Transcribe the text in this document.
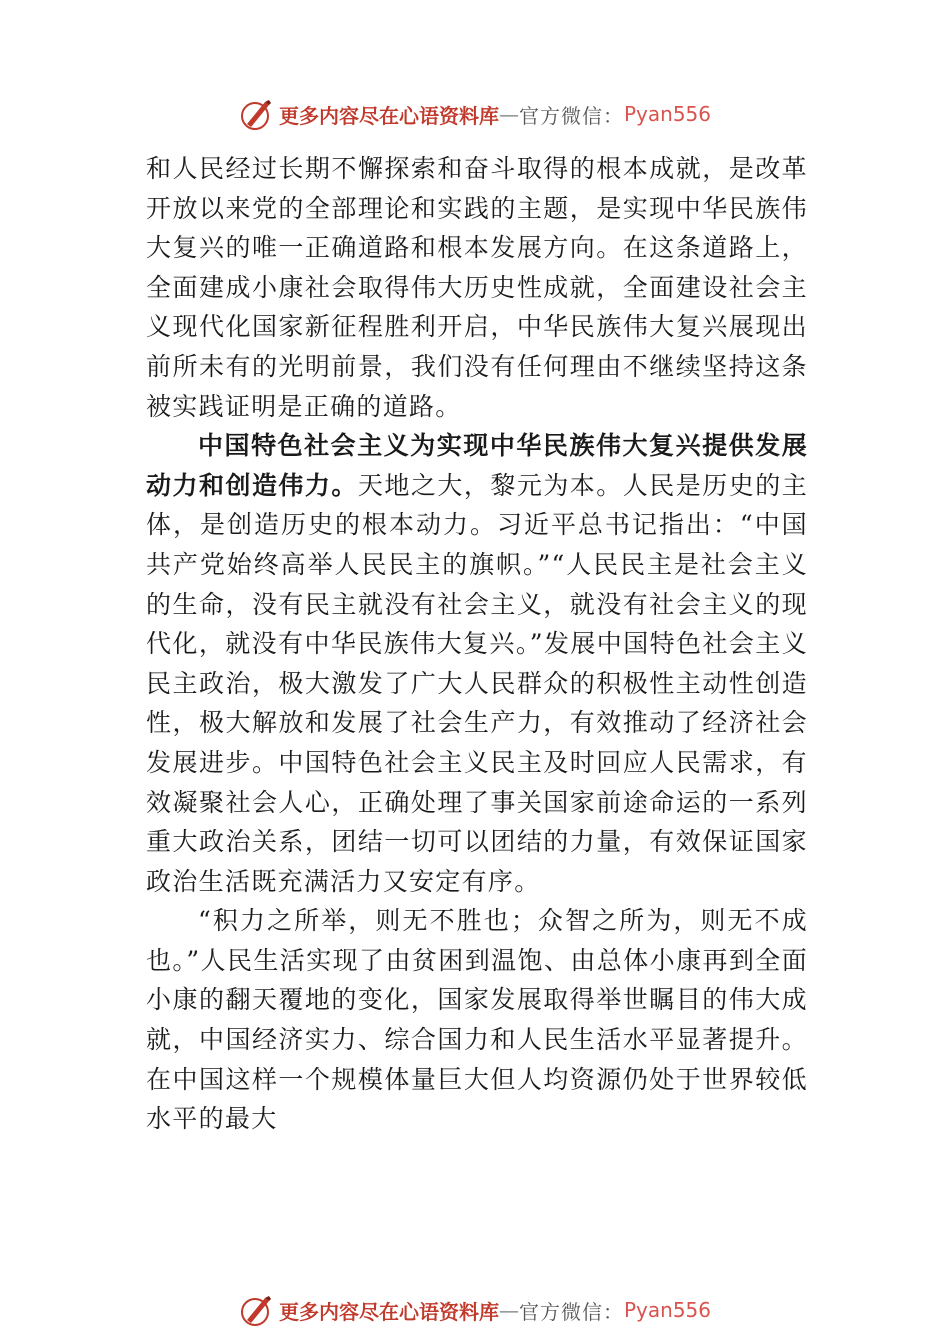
更多内容尽在心语资料库 — 官方微信： Pyan556

和人民经过长期不懈探索和奋斗取得的根本成就，是改革开放以来党的全部理论和实践的主题，是实现中华民族伟大复兴的唯一正确道路和根本发展方向。在这条道路上，全面建成小康社会取得伟大历史性成就，全面建设社会主义现代化国家新征程胜利开启，中华民族伟大复兴展现出前所未有的光明前景，我们没有任何理由不继续坚持这条被实践证明是正确的道路。

中国特色社会主义为实现中华民族伟大复兴提供发展动力和创造伟力。天地之大，黎元为本。人民是历史的主体，是创造历史的根本动力。习近平总书记指出：“中国共产党始终高举人民民主的旗帜。”“人民民主是社会主义的生命，没有民主就没有社会主义，就没有社会主义的现代化，就没有中华民族伟大复兴。”发展中国特色社会主义民主政治，极大激发了广大人民群众的积极性主动性创造性，极大解放和发展了社会生产力，有效推动了经济社会发展进步。中国特色社会主义民主及时回应人民需求，有效凝聚社会人心，正确处理了事关国家前途命运的一系列重大政治关系，团结一切可以团结的力量，有效保证国家政治生活既充满活力又安定有序。

“积力之所举，则无不胜也；众智之所为，则无不成也。”人民生活实现了由贫困到温饱、由总体小康再到全面小康的翻天覆地的变化，国家发展取得举世瞩目的伟大成就，中国经济实力、综合国力和人民生活水平显著提升。在中国这样一个规模体量巨大但人均资源仍处于世界较低水平的最大

更多内容尽在心语资料库 — 官方微信： Pyan556
